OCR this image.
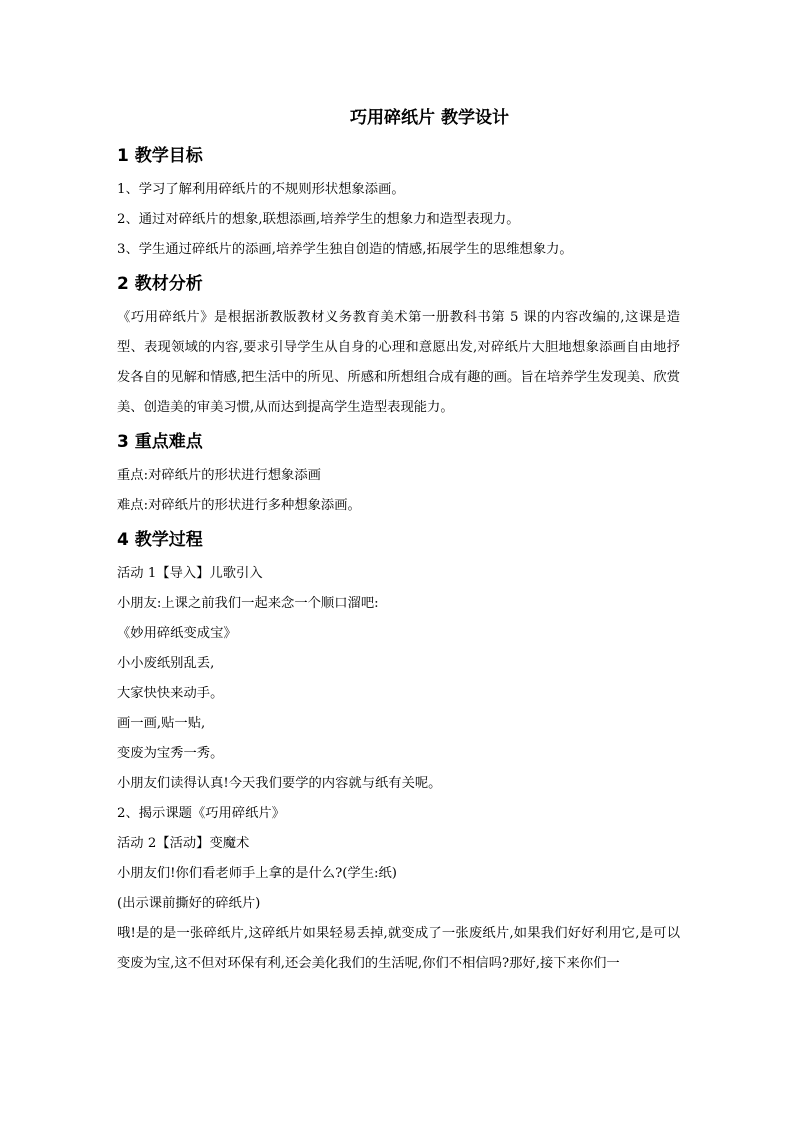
巧用碎纸片 教学设计
1 教学目标
1、学习了解利用碎纸片的不规则形状想象添画。
2、通过对碎纸片的想象,联想添画,培养学生的想象力和造型表现力。
3、学生通过碎纸片的添画,培养学生独自创造的情感,拓展学生的思维想象力。
2 教材分析

《巧用碎纸片》是根据浙教版教材义务教育美术第一册教科书第 5 课的内容改编的,这课是造型、表现领域的内容,要求引导学生从自身的心理和意愿出发,对碎纸片大胆地想象添画自由地抒发各自的见解和情感,把生活中的所见、所感和所想组合成有趣的画。旨在培养学生发现美、欣赏美、创造美的审美习惯,从而达到提高学生造型表现能力。

3 重点难点
重点:对碎纸片的形状进行想象添画
难点:对碎纸片的形状进行多种想象添画。
4 教学过程
活动 1【导入】儿歌引入
小朋友:上课之前我们一起来念一个顺口溜吧:
《妙用碎纸变成宝》
小小废纸别乱丢,
大家快快来动手。
画一画,贴一贴,
变废为宝秀一秀。
小朋友们读得认真!今天我们要学的内容就与纸有关呢。
2、揭示课题《巧用碎纸片》
活动 2【活动】变魔术
小朋友们!你们看老师手上拿的是什么?(学生:纸)
(出示课前撕好的碎纸片)

哦!是的是一张碎纸片,这碎纸片如果轻易丢掉,就变成了一张废纸片,如果我们好好利用它,是可以变废为宝,这不但对环保有利,还会美化我们的生活呢,你们不相信吗?那好,接下来你们一
